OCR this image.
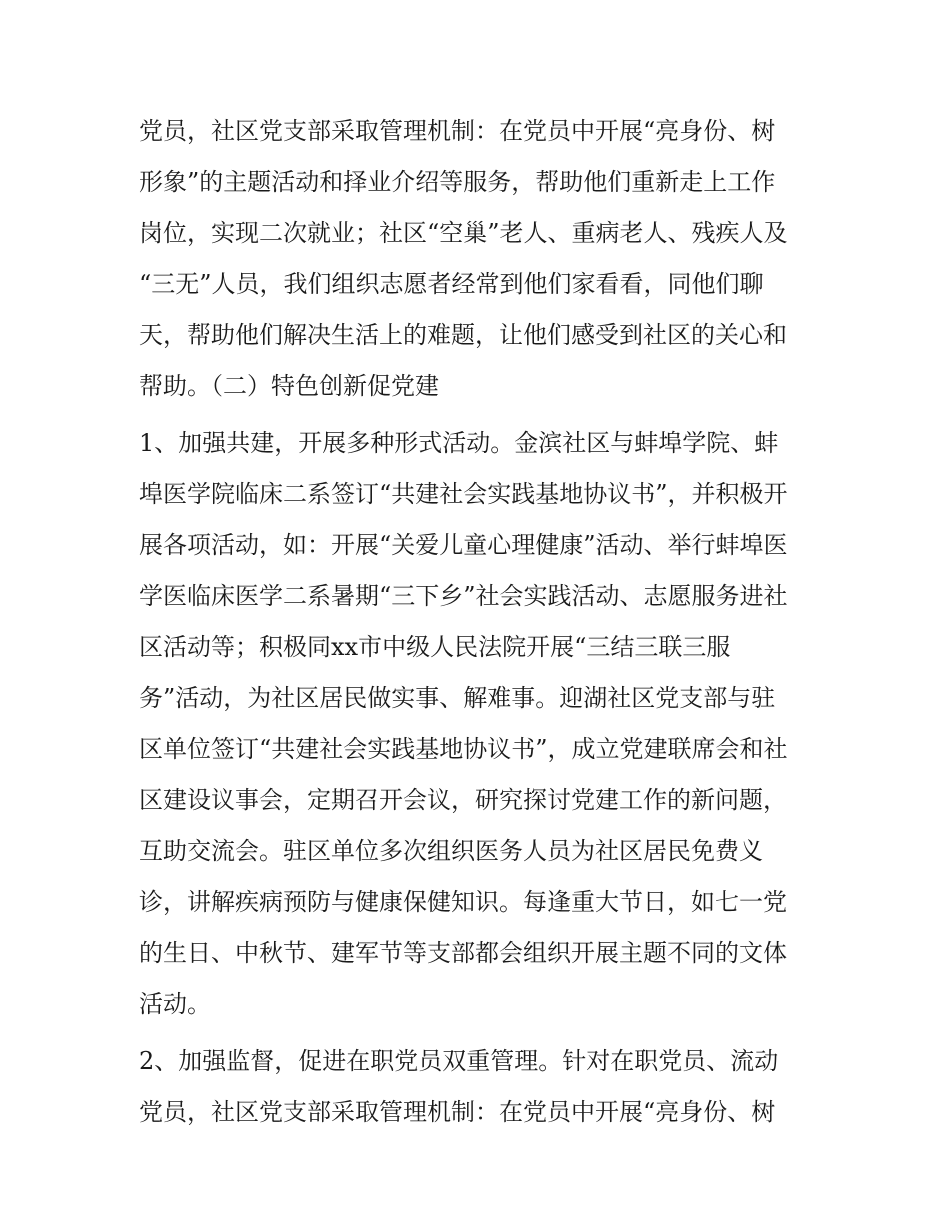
党员，社区党支部采取管理机制：在党员中开展“亮身份、树
形象”的主题活动和择业介绍等服务，帮助他们重新走上工作
岗位，实现二次就业；社区“空巢”老人、重病老人、残疾人及
“三无”人员，我们组织志愿者经常到他们家看看，同他们聊
天，帮助他们解决生活上的难题，让他们感受到社区的关心和
帮助。（二）特色创新促党建
1、加强共建，开展多种形式活动。金滨社区与蚌埠学院、蚌
埠医学院临床二系签订“共建社会实践基地协议书”，并积极开
展各项活动，如：开展“关爱儿童心理健康”活动、举行蚌埠医
学医临床医学二系暑期“三下乡”社会实践活动、志愿服务进社
区活动等；积极同xx市中级人民法院开展“三结三联三服
务”活动，为社区居民做实事、解难事。迎湖社区党支部与驻
区单位签订“共建社会实践基地协议书”，成立党建联席会和社
区建设议事会，定期召开会议，研究探讨党建工作的新问题，
互助交流会。驻区单位多次组织医务人员为社区居民免费义
诊，讲解疾病预防与健康保健知识。每逢重大节日，如七一党
的生日、中秋节、建军节等支部都会组织开展主题不同的文体
活动。
2、加强监督，促进在职党员双重管理。针对在职党员、流动
党员，社区党支部采取管理机制：在党员中开展“亮身份、树
